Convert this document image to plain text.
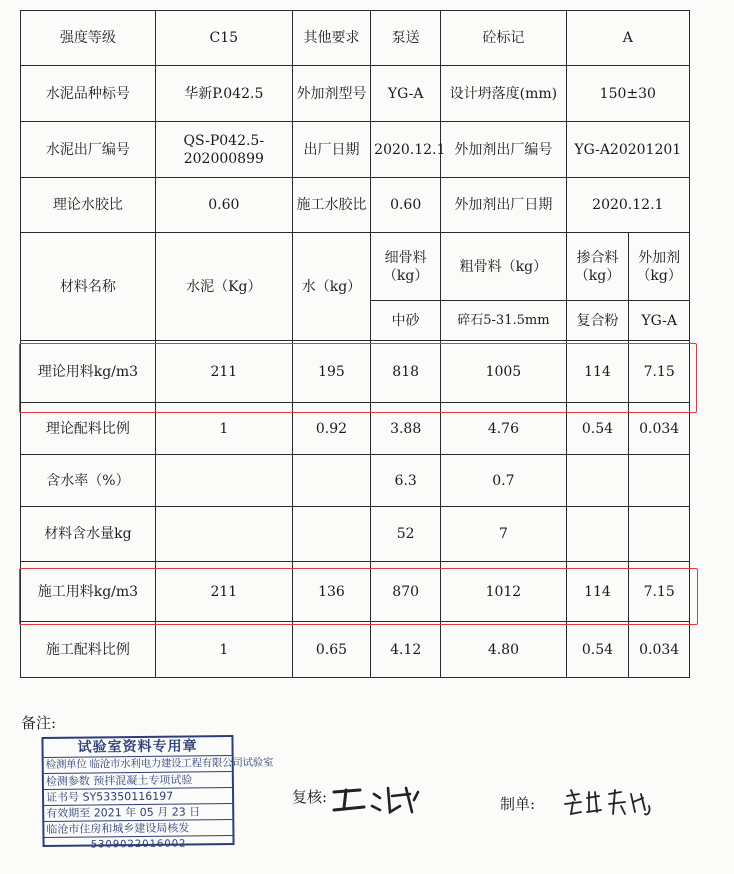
强度等级	C15	其他要求	泵送	砼标记	A	
水泥品种标号	华新P.042.5	外加剂型号	YG-A	设计坍落度(mm)	150±30	
水泥出厂编号	QS-P042.5-202000899	出厂日期	2020.12.1	外加剂出厂编号	YG-A20201201	
理论水胶比	0.60	施工水胶比	0.60	外加剂出厂日期	2020.12.1	
材料名称	水泥（Kg）	水（kg）	细骨料（kg）	粗骨料（kg）	掺合料（kg）	外加剂（kg）
			中砂	碎石5-31.5mm	复合粉	YG-A
理论用料kg/m3	211	195	818	1005	114	7.15
理论配料比例	1	0.92	3.88	4.76	0.54	0.034
含水率（%）			6.3	0.7		
材料含水量kg			52	7		
施工用料kg/m3	211	136	870	1012	114	7.15
施工配料比例	1	0.65	4.12	4.80	0.54	0.034
备注:
试验室资料专用章
检测单位 临沧市水利电力建设工程有限公司试验室
检测参数 预拌混凝土专项试验
证书号 SY53350116197
有效期至 2021 年 05 月 23 日
临沧市住房和城乡建设局核发
5309022016002
复核:	制单:
